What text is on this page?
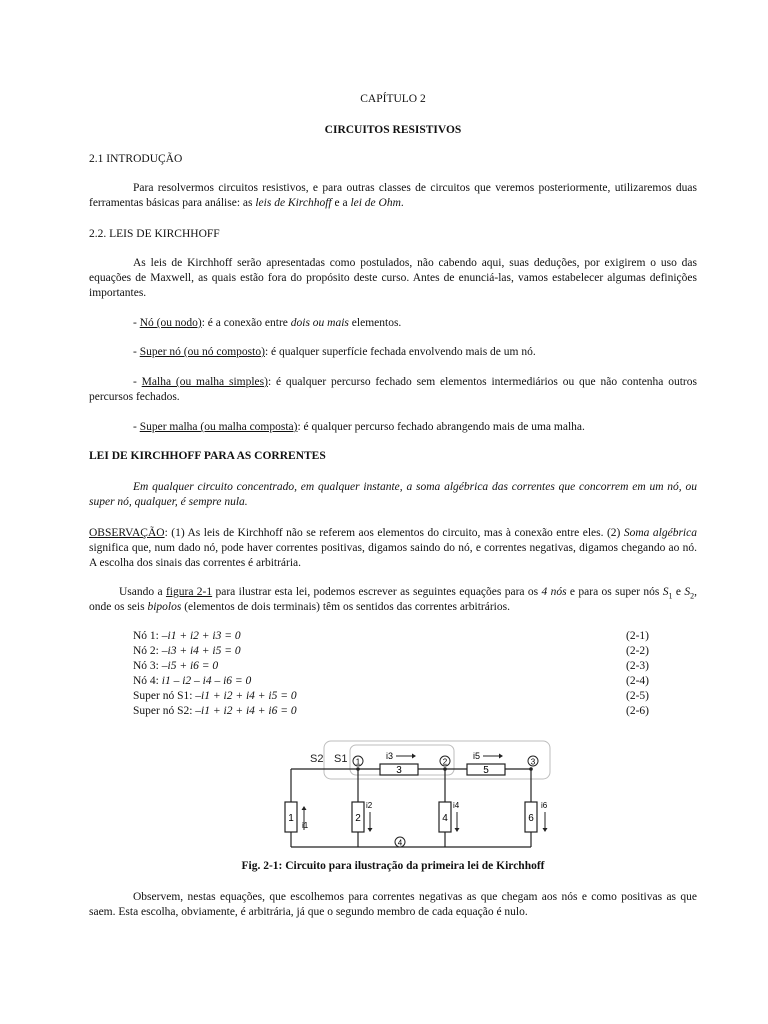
CAPÍTULO 2
CIRCUITOS RESISTIVOS
2.1 INTRODUÇÃO
Para resolvermos circuitos resistivos, e para outras classes de circuitos que veremos posteriormente, utilizaremos duas ferramentas básicas para análise: as leis de Kirchhoff e a lei de Ohm.
2.2. LEIS DE KIRCHHOFF
As leis de Kirchhoff serão apresentadas como postulados, não cabendo aqui, suas deduções, por exigirem o uso das equações de Maxwell, as quais estão fora do propósito deste curso. Antes de enunciá-las, vamos estabelecer algumas definições importantes.
- Nó (ou nodo): é a conexão entre dois ou mais elementos.
- Super nó (ou nó composto): é qualquer superfície fechada envolvendo mais de um nó.
- Malha (ou malha simples): é qualquer percurso fechado sem elementos intermediários ou que não contenha outros percursos fechados.
- Super malha (ou malha composta): é qualquer percurso fechado abrangendo mais de uma malha.
LEI DE KIRCHHOFF PARA AS CORRENTES
Em qualquer circuito concentrado, em qualquer instante, a soma algébrica das correntes que concorrem em um nó, ou super nó, qualquer, é sempre nula.
OBSERVAÇÃO: (1) As leis de Kirchhoff não se referem aos elementos do circuito, mas à conexão entre eles. (2) Soma algébrica significa que, num dado nó, pode haver correntes positivas, digamos saindo do nó, e correntes negativas, digamos chegando ao nó. A escolha dos sinais das correntes é arbitrária.
Usando a figura 2-1 para ilustrar esta lei, podemos escrever as seguintes equações para os 4 nós e para os super nós $S_1$ e $S_2$, onde os seis bipolos (elementos de dois terminais) têm os sentidos das correntes arbitrários.
Nó 1: –i1 + i2 + i3 = 0	(2-1)
Nó 2: –i3 + i4 + i5 = 0	(2-2)
Nó 3: –i5 + i6 = 0	(2-3)
Nó 4: i1 – i2 – i4 – i6 = 0	(2-4)
Super nó S1: –i1 + i2 + i4 + i5 = 0	(2-5)
Super nó S2: –i1 + i2 + i4 + i6 = 0	(2-6)
S2 S1
3	5
1	2	4	6
1	2	3
4
i3	i5
i1
i2	i4	i6
Fig. 2-1: Circuito para ilustração da primeira lei de Kirchhoff
Observem, nestas equações, que escolhemos para correntes negativas as que chegam aos nós e como positivas as que saem. Esta escolha, obviamente, é arbitrária, já que o segundo membro de cada equação é nulo.
